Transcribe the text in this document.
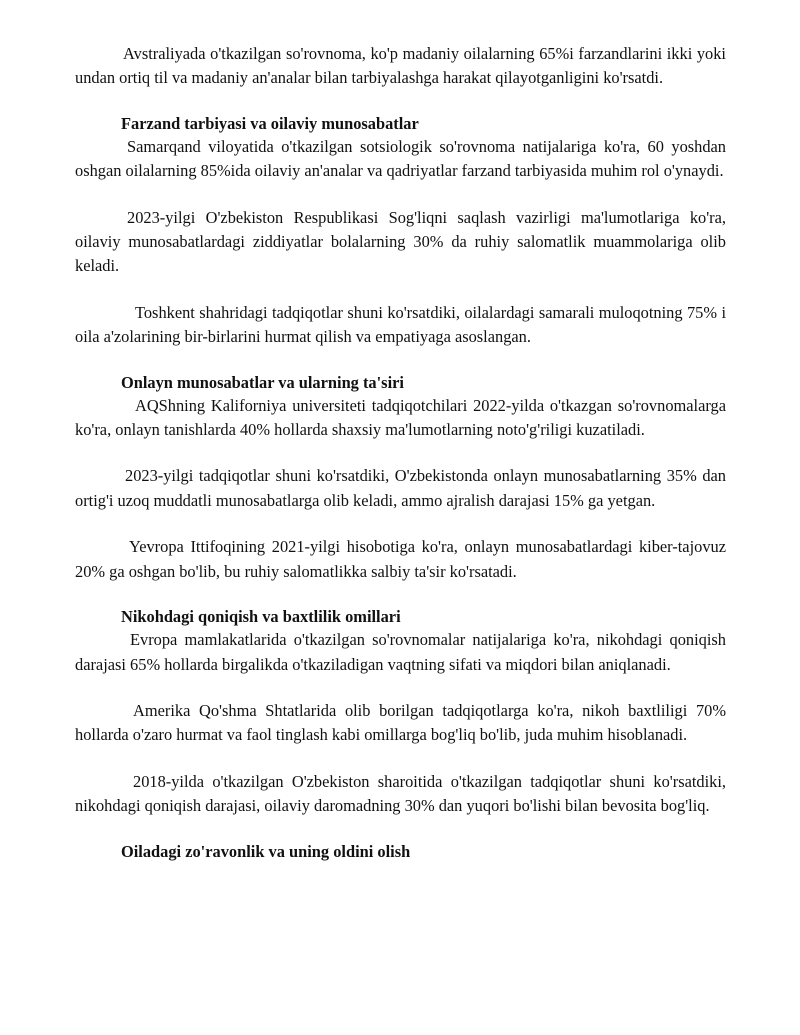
Avstraliyada o'tkazilgan so'rovnoma, ko'p madaniy oilalarning 65%i farzandlarini ikki yoki undan ortiq til va madaniy an'analar bilan tarbiyalashga harakat qilayotganligini ko'rsatdi.

Farzand tarbiyasi va oilaviy munosabatlar

Samarqand viloyatida o'tkazilgan sotsiologik so'rovnoma natijalariga ko'ra, 60 yoshdan oshgan oilalarning 85%ida oilaviy an'analar va qadriyatlar farzand tarbiyasida muhim rol o'ynaydi.

2023-yilgi O'zbekiston Respublikasi Sog'liqni saqlash vazirligi ma'lumotlariga ko'ra, oilaviy munosabatlardagi ziddiyatlar bolalarning 30% da ruhiy salomatlik muammolariga olib keladi.

Toshkent shahridagi tadqiqotlar shuni ko'rsatdiki, oilalardagi samarali muloqotning 75% i oila a'zolarining bir-birlarini hurmat qilish va empatiyaga asoslangan.

Onlayn munosabatlar va ularning ta'siri

AQShning Kaliforniya universiteti tadqiqotchilari 2022-yilda o'tkazgan so'rovnomalarga ko'ra, onlayn tanishlarda 40% hollarda shaxsiy ma'lumotlarning noto'g'riligi kuzatiladi.

2023-yilgi tadqiqotlar shuni ko'rsatdiki, O'zbekistonda onlayn munosabatlarning 35% dan ortig'i uzoq muddatli munosabatlarga olib keladi, ammo ajralish darajasi 15% ga yetgan.

Yevropa Ittifoqining 2021-yilgi hisobotiga ko'ra, onlayn munosabatlardagi kiber-tajovuz 20% ga oshgan bo'lib, bu ruhiy salomatlikka salbiy ta'sir ko'rsatadi.

Nikohdagi qoniqish va baxtlilik omillari

Evropa mamlakatlarida o'tkazilgan so'rovnomalar natijalariga ko'ra, nikohdagi qoniqish darajasi 65% hollarda birgalikda o'tkaziladigan vaqtning sifati va miqdori bilan aniqlanadi.

Amerika Qo'shma Shtatlarida olib borilgan tadqiqotlarga ko'ra, nikoh baxtliligi 70% hollarda o'zaro hurmat va faol tinglash kabi omillarga bog'liq bo'lib, juda muhim hisoblanadi.

2018-yilda o'tkazilgan O'zbekiston sharoitida o'tkazilgan tadqiqotlar shuni ko'rsatdiki, nikohdagi qoniqish darajasi, oilaviy daromadning 30% dan yuqori bo'lishi bilan bevosita bog'liq.

Oiladagi zo'ravonlik va uning oldini olish
